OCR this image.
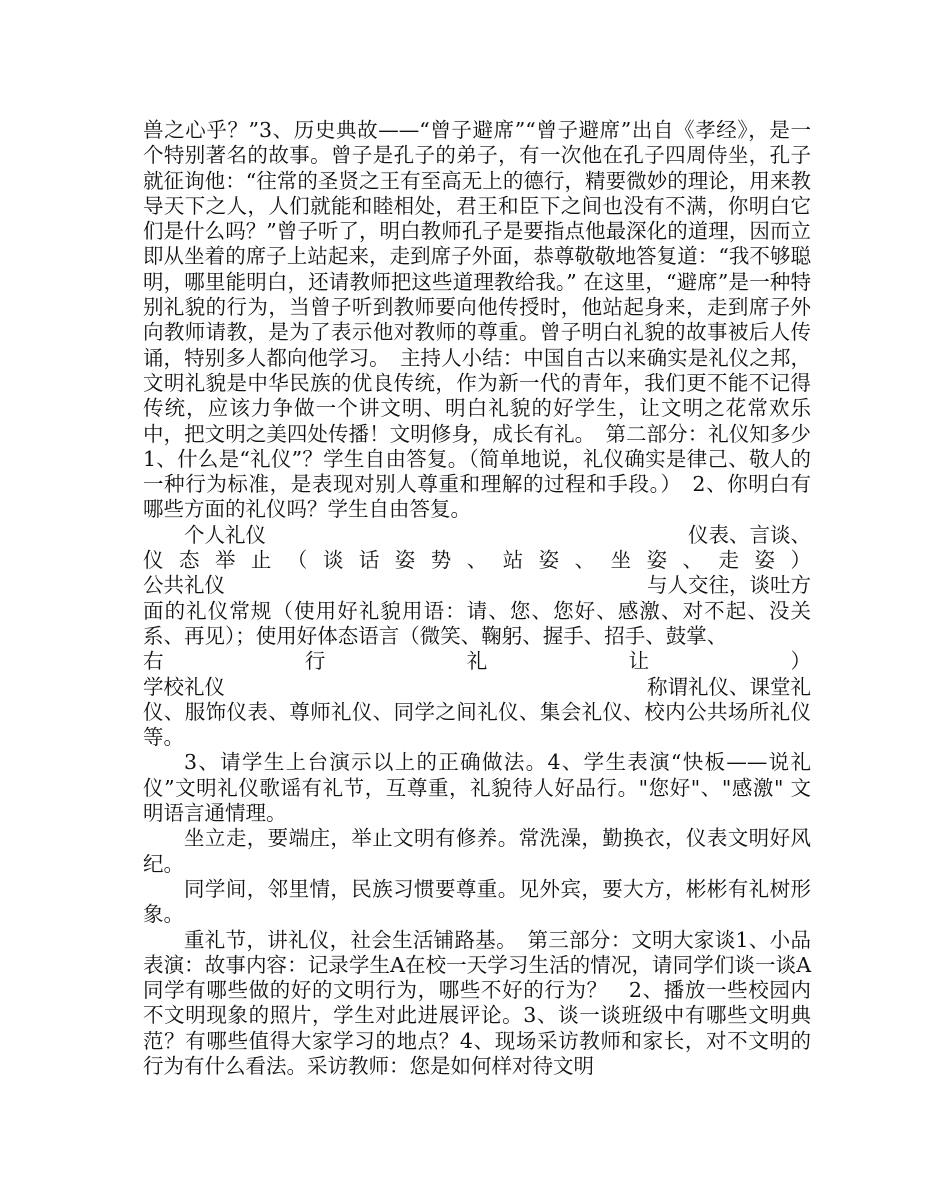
兽之心乎？”3、历史典故——“曾子避席”“曾子避席”出自《孝经》，是一个特别著名的故事。曾子是孔子的弟子，有一次他在孔子四周侍坐，孔子就征询他：“往常的圣贤之王有至高无上的德行，精要微妙的理论，用来教导天下之人，人们就能和睦相处，君王和臣下之间也没有不满，你明白它们是什么吗？”曾子听了，明白教师孔子是要指点他最深化的道理，因而立即从坐着的席子上站起来，走到席子外面，恭尊敬敬地答复道：“我不够聪明，哪里能明白，还请教师把这些道理教给我。” 在这里，“避席”是一种特别礼貌的行为，当曾子听到教师要向他传授时，他站起身来，走到席子外向教师请教，是为了表示他对教师的尊重。曾子明白礼貌的故事被后人传诵，特别多人都向他学习。　主持人小结：中国自古以来确实是礼仪之邦，文明礼貌是中华民族的优良传统，作为新一代的青年，我们更不能不记得传统，应该力争做一个讲文明、明白礼貌的好学生，让文明之花常欢乐中，把文明之美四处传播！文明修身，成长有礼。　第二部分：礼仪知多少1、什么是“礼仪”？学生自由答复。（简单地说，礼仪确实是律己、敬人的一种行为标准，是表现对别人尊重和理解的过程和手段。）　2、你明白有哪些方面的礼仪吗？学生自由答复。

个人礼仪	仪表、言谈、
仪 态 举 止 （ 谈 话 姿 势 、 站 姿 、 坐 姿 、 走 姿 ）
公共礼仪	与人交往，谈吐方

面的礼仪常规（使用好礼貌用语：请、您、您好、感激、对不起、没关系、再见）；使用好体态语言（微笑、鞠躬、握手、招手、鼓掌、

右	行	礼	让	）
学校礼仪	称谓礼仪、课堂礼

仪、服饰仪表、尊师礼仪、同学之间礼仪、集会礼仪、校内公共场所礼仪等。

3、请学生上台演示以上的正确做法。4、学生表演“快板——说礼仪”文明礼仪歌谣有礼节，互尊重，礼貌待人好品行。"您好"、"感激" 文明语言通情理。

坐立走，要端庄，举止文明有修养。常洗澡，勤换衣，仪表文明好风纪。

同学间，邻里情，民族习惯要尊重。见外宾，要大方，彬彬有礼树形象。

重礼节，讲礼仪，社会生活铺路基。　第三部分：文明大家谈1、小品表演：故事内容：记录学生A在校一天学习生活的情况，请同学们谈一谈A同学有哪些做的好的文明行为，哪些不好的行为？　2、播放一些校园内不文明现象的照片，学生对此进展评论。3、谈一谈班级中有哪些文明典范？有哪些值得大家学习的地点？4、现场采访教师和家长，对不文明的行为有什么看法。采访教师：您是如何样对待文明
